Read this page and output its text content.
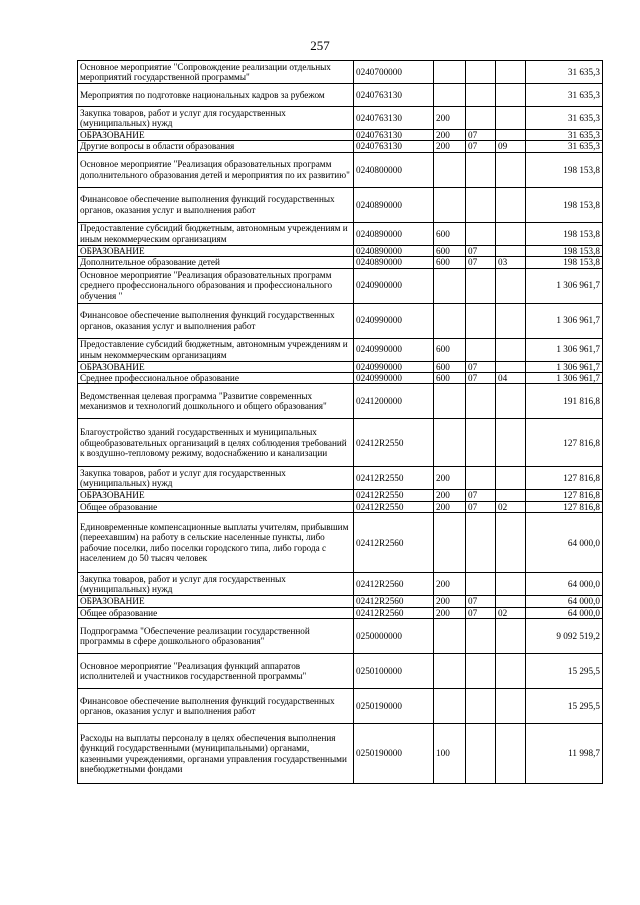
257
Основное мероприятие "Сопровождение реализации отдельных мероприятий государственной программы"	0240700000				31 635,3
Мероприятия по подготовке национальных кадров за рубежом	0240763130				31 635,3
Закупка товаров, работ и услуг для государственных (муниципальных) нужд	0240763130	200			31 635,3
ОБРАЗОВАНИЕ	0240763130	200	07		31 635,3
Другие вопросы в области образования	0240763130	200	07	09	31 635,3
Основное мероприятие "Реализация образовательных программ дополнительного образования детей и мероприятия по их развитию"	0240800000				198 153,8
Финансовое обеспечение выполнения функций государственных органов, оказания услуг и выполнения работ	0240890000				198 153,8
Предоставление субсидий бюджетным, автономным учреждениям и иным некоммерческим организациям	0240890000	600			198 153,8
ОБРАЗОВАНИЕ	0240890000	600	07		198 153,8
Дополнительное образование детей	0240890000	600	07	03	198 153,8
Основное мероприятие "Реализация образовательных программ среднего профессионального образования и профессионального обучения "	0240900000				1 306 961,7
Финансовое обеспечение выполнения функций государственных органов, оказания услуг и выполнения работ	0240990000				1 306 961,7
Предоставление субсидий бюджетным, автономным учреждениям и иным некоммерческим организациям	0240990000	600			1 306 961,7
ОБРАЗОВАНИЕ	0240990000	600	07		1 306 961,7
Среднее профессиональное образование	0240990000	600	07	04	1 306 961,7
Ведомственная целевая программа "Развитие современных механизмов и технологий дошкольного и общего образования"	0241200000				191 816,8
Благоустройство зданий государственных и муниципальных общеобразовательных организаций в целях соблюдения требований к воздушно-тепловому режиму, водоснабжению и канализации	02412R2550				127 816,8
Закупка товаров, работ и услуг для государственных (муниципальных) нужд	02412R2550	200			127 816,8
ОБРАЗОВАНИЕ	02412R2550	200	07		127 816,8
Общее образование	02412R2550	200	07	02	127 816,8
Единовременные компенсационные выплаты учителям, прибывшим (переехавшим) на работу в сельские населенные пункты, либо рабочие поселки, либо поселки городского типа, либо города с населением до 50 тысяч человек	02412R2560				64 000,0
Закупка товаров, работ и услуг для государственных (муниципальных) нужд	02412R2560	200			64 000,0
ОБРАЗОВАНИЕ	02412R2560	200	07		64 000,0
Общее образование	02412R2560	200	07	02	64 000,0
Подпрограмма "Обеспечение реализации государственной программы в сфере дошкольного образования"	0250000000				9 092 519,2
Основное мероприятие "Реализация функций аппаратов исполнителей и участников государственной программы"	0250100000				15 295,5
Финансовое обеспечение выполнения функций государственных органов, оказания услуг и выполнения работ	0250190000				15 295,5
Расходы на выплаты персоналу в целях обеспечения выполнения функций государственными (муниципальными) органами, казенными учреждениями, органами управления государственными внебюджетными фондами	0250190000	100			11 998,7
